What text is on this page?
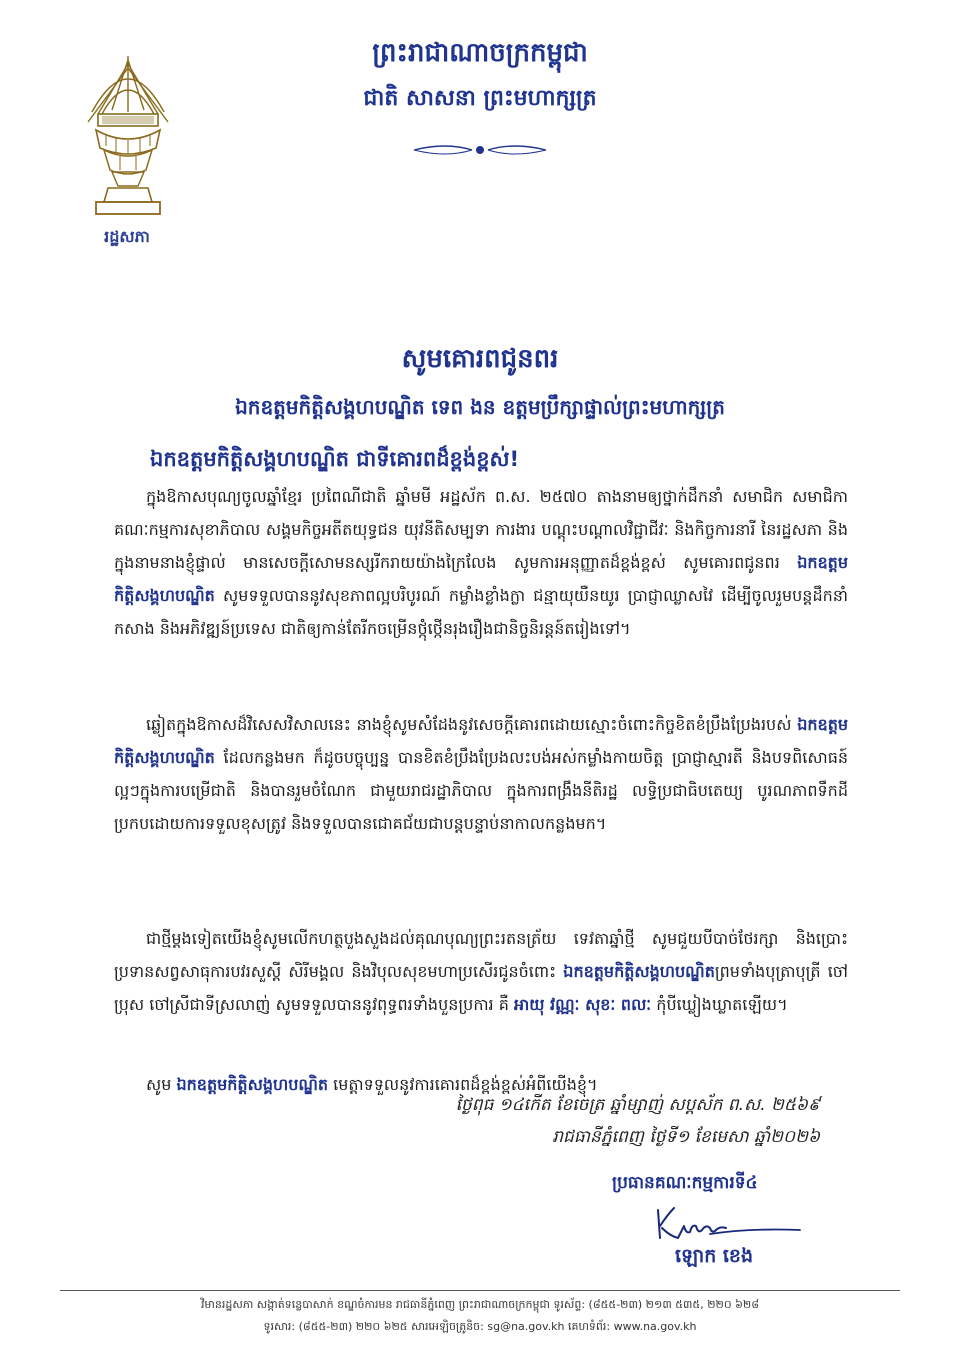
រដ្ឋសភា
ព្រះរាជាណាចក្រកម្ពុជា
ជាតិ សាសនា ព្រះមហាក្សត្រ
សូមគោរពជូនពរ
ឯកឧត្តមកិត្តិសង្គហបណ្ឌិត ទេព ងន ឧត្តមប្រឹក្សាផ្ទាល់ព្រះមហាក្សត្រ
ឯកឧត្តមកិត្តិសង្គហបណ្ឌិត ជាទីគោរពដ៏ខ្ពង់ខ្ពស់!
ក្នុងឱកាសបុណ្យចូលឆ្នាំខ្មែរ ប្រពៃណីជាតិ ឆ្នាំមមី អដ្ឋស័ក ព.ស. ២៥៧០ តាងនាមឲ្យថ្នាក់ដឹកនាំ សមាជិក សមាជិកា គណៈកម្មការសុខាភិបាល សង្គមកិច្ចអតីតយុទ្ធជន យុវនីតិសម្បទា ការងារ បណ្តុះបណ្តាលវិជ្ជាជីវៈ និងកិច្ចការនារី នៃរដ្ឋសភា និងក្នុងនាមនាងខ្ញុំផ្ទាល់ មានសេចក្តីសោមនស្សរីករាយយ៉ាងក្រៃលែង សូមការអនុញ្ញាតដ៏ខ្ពង់ខ្ពស់ សូមគោរពជូនពរ ឯកឧត្តមកិត្តិសង្គហបណ្ឌិត សូមទទួលបាននូវសុខភាពល្អបរិបូរណ៍ កម្លាំងខ្លាំងក្លា ជន្មាយុយឺនយូរ ប្រាជ្ញាឈ្លាសវៃ ដើម្បីចូលរួមបន្តដឹកនាំកសាង និងអភិវឌ្ឍន៍ប្រទេស ជាតិឲ្យកាន់តែរីកចម្រើនថ្កុំថ្កើនរុងរឿងជានិច្ចនិរន្តន៍តរៀងទៅ។
ឆ្លៀតក្នុងឱកាសដ៏វិសេសវិសាលនេះ នាងខ្ញុំសូមសំដែងនូវសេចក្តីគោរពដោយស្មោះចំពោះកិច្ចខិតខំប្រឹងប្រែងរបស់ ឯកឧត្តមកិត្តិសង្គហបណ្ឌិត ដែលកន្លងមក ក៏ដូចបច្ចុប្បន្ន បានខិតខំប្រឹងប្រែងលះបង់អស់កម្លាំងកាយចិត្ត ប្រាជ្ញាស្មារតី និងបទពិសោធន៍ល្អៗក្នុងការបម្រើជាតិ និងបានរួមចំណែក ជាមួយរាជរដ្ឋាភិបាល ក្នុងការពង្រឹងនីតិរដ្ឋ លទ្ធិប្រជាធិបតេយ្យ បូរណភាពទឹកដី ប្រកបដោយការទទួលខុសត្រូវ និងទទួលបានជោគជ័យជាបន្តបន្ទាប់នាកាលកន្លងមក។
ជាថ្មីម្តងទៀតយើងខ្ញុំសូមលើកហត្ថបួងសួងដល់គុណបុណ្យព្រះរតនត្រ័យ ទេវតាឆ្នាំថ្មី សូមជួយបីបាច់ថែរក្សា និងប្រោះប្រទានសព្វសាធុការបវរសួស្តី សិរីមង្គល និងវិបុលសុខមហាប្រសើរជូនចំពោះ ឯកឧត្តមកិត្តិសង្គហបណ្ឌិតព្រមទាំងបុត្រាបុត្រី ចៅប្រុស ចៅស្រីជាទីស្រលាញ់ សូមទទួលបាននូវពុទ្ធពរទាំងបួនប្រការ គឺ អាយុ វណ្ណៈ សុខៈ ពលៈ កុំបីឃ្លៀងឃ្លាតឡើយ។
សូម ឯកឧត្តមកិត្តិសង្គហបណ្ឌិត មេត្តាទទួលនូវការគោរពដ៏ខ្ពង់ខ្ពស់អំពីយើងខ្ញុំ។
ថ្ងៃពុធ ១៤កើត ខែចេត្រ ឆ្នាំម្សាញ់ សប្តស័ក ព.ស. ២៥៦៩
រាជធានីភ្នំពេញ ថ្ងៃទី១ ខែមេសា ឆ្នាំ២០២៦
ប្រធានគណៈកម្មការទី៤
ឡោក ខេង
វិមានរដ្ឋសភា សង្កាត់ទន្លេបាសាក់ ខណ្ឌចំការមន រាជធានីភ្នំពេញ ព្រះរាជាណាចក្រកម្ពុជា ទូរស័ព្ទ: (៨៥៥-២៣) ២១៣ ៥៣៥, ២២០ ៦២៨
ទូរសារ: (៨៥៥-២៣) ២២០ ៦២៥ សារអេឡិចត្រូនិច: sg@na.gov.kh គេហទំព័រ: www.na.gov.kh
